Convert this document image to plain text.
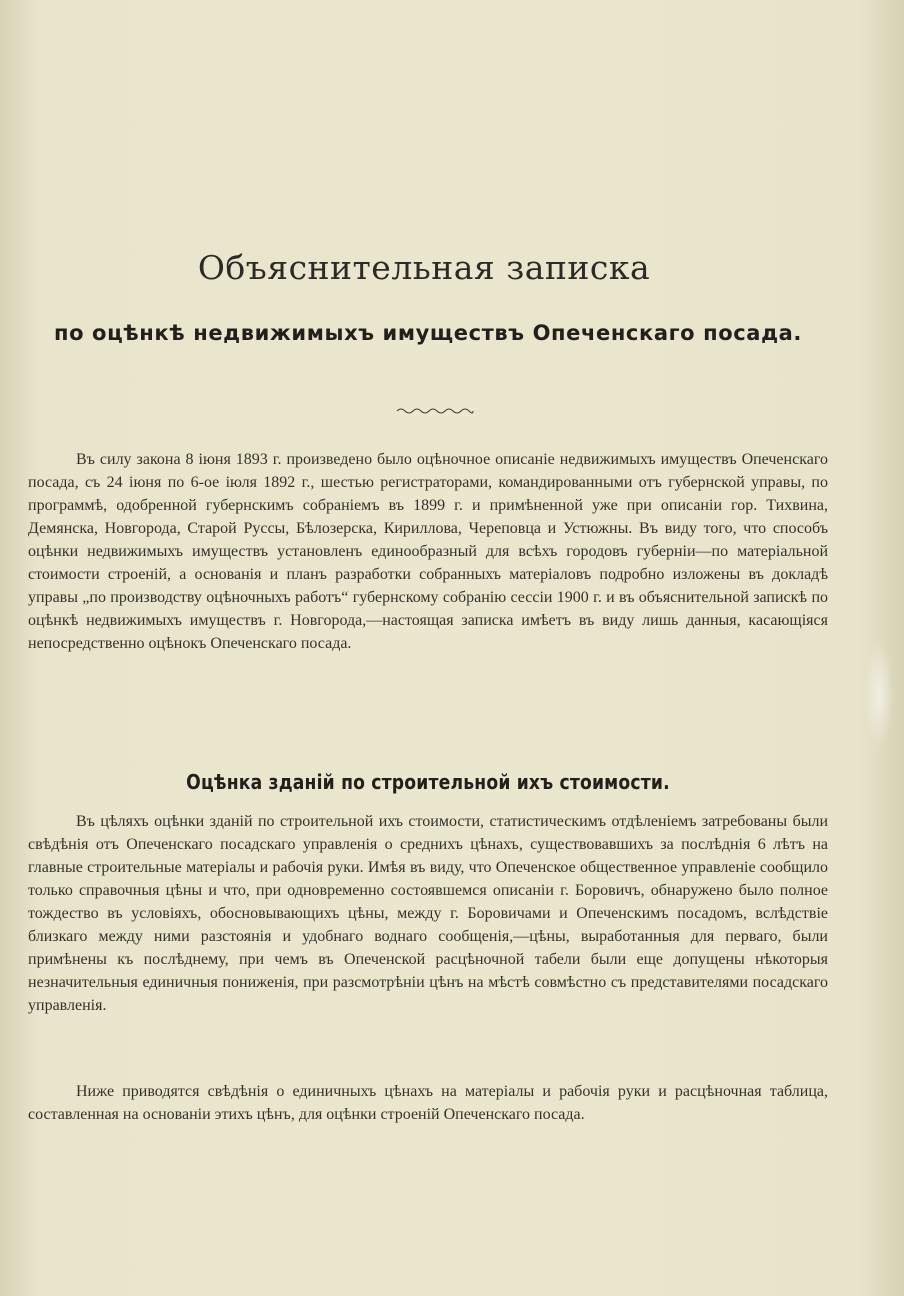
Объяснительная записка
по оцѣнкѣ недвижимыхъ имуществъ Опеченскаго посада.

Въ силу закона 8 іюня 1893 г. произведено было оцѣночное описаніе недвижимыхъ имуществъ Опеченскаго посада, съ 24 іюня по 6-ое іюля 1892 г., шестью регистраторами, командированными отъ губернской управы, по программѣ, одобренной губернскимъ собраніемъ въ 1899 г. и примѣненной уже при описаніи гор. Тихвина, Демянска, Новгорода, Старой Руссы, Бѣлозерска, Кириллова, Череповца и Устюжны. Въ виду того, что способъ оцѣнки недвижимыхъ имуществъ установленъ единообразный для всѣхъ городовъ губерніи—по матеріальной стоимости строеній, а основанія и планъ разработки собранныхъ матеріаловъ подробно изложены въ докладѣ управы „по производству оцѣночныхъ работъ“ губернскому собранію сессіи 1900 г. и въ объяснительной запискѣ по оцѣнкѣ недвижимыхъ имуществъ г. Новгорода,—настоящая записка имѣетъ въ виду лишь данныя, касающіяся непосредственно оцѣнокъ Опеченскаго посада.

Оцѣнка зданій по строительной ихъ стоимости.

Въ цѣляхъ оцѣнки зданій по строительной ихъ стоимости, статистическимъ отдѣленіемъ затребованы были свѣдѣнія отъ Опеченскаго посадскаго управленія о среднихъ цѣнахъ, существовавшихъ за послѣднія 6 лѣтъ на главные строительные матеріалы и рабочія руки. Имѣя въ виду, что Опеченское общественное управленіе сообщило только справочныя цѣны и что, при одновременно состоявшемся описаніи г. Боровичъ, обнаружено было полное тождество въ условіяхъ, обосновывающихъ цѣны, между г. Боровичами и Опеченскимъ посадомъ, вслѣдствіе близкаго между ними разстоянія и удобнаго воднаго сообщенія,—цѣны, выработанныя для перваго, были примѣнены къ послѣднему, при чемъ въ Опеченской расцѣночной табели были еще допущены нѣкоторыя незначительныя единичныя пониженія, при разсмотрѣніи цѣнъ на мѣстѣ совмѣстно съ представителями посадскаго управленія.

Ниже приводятся свѣдѣнія о единичныхъ цѣнахъ на матеріалы и рабочія руки и расцѣночная таблица, составленная на основаніи этихъ цѣнъ, для оцѣнки строеній Опеченскаго посада.
